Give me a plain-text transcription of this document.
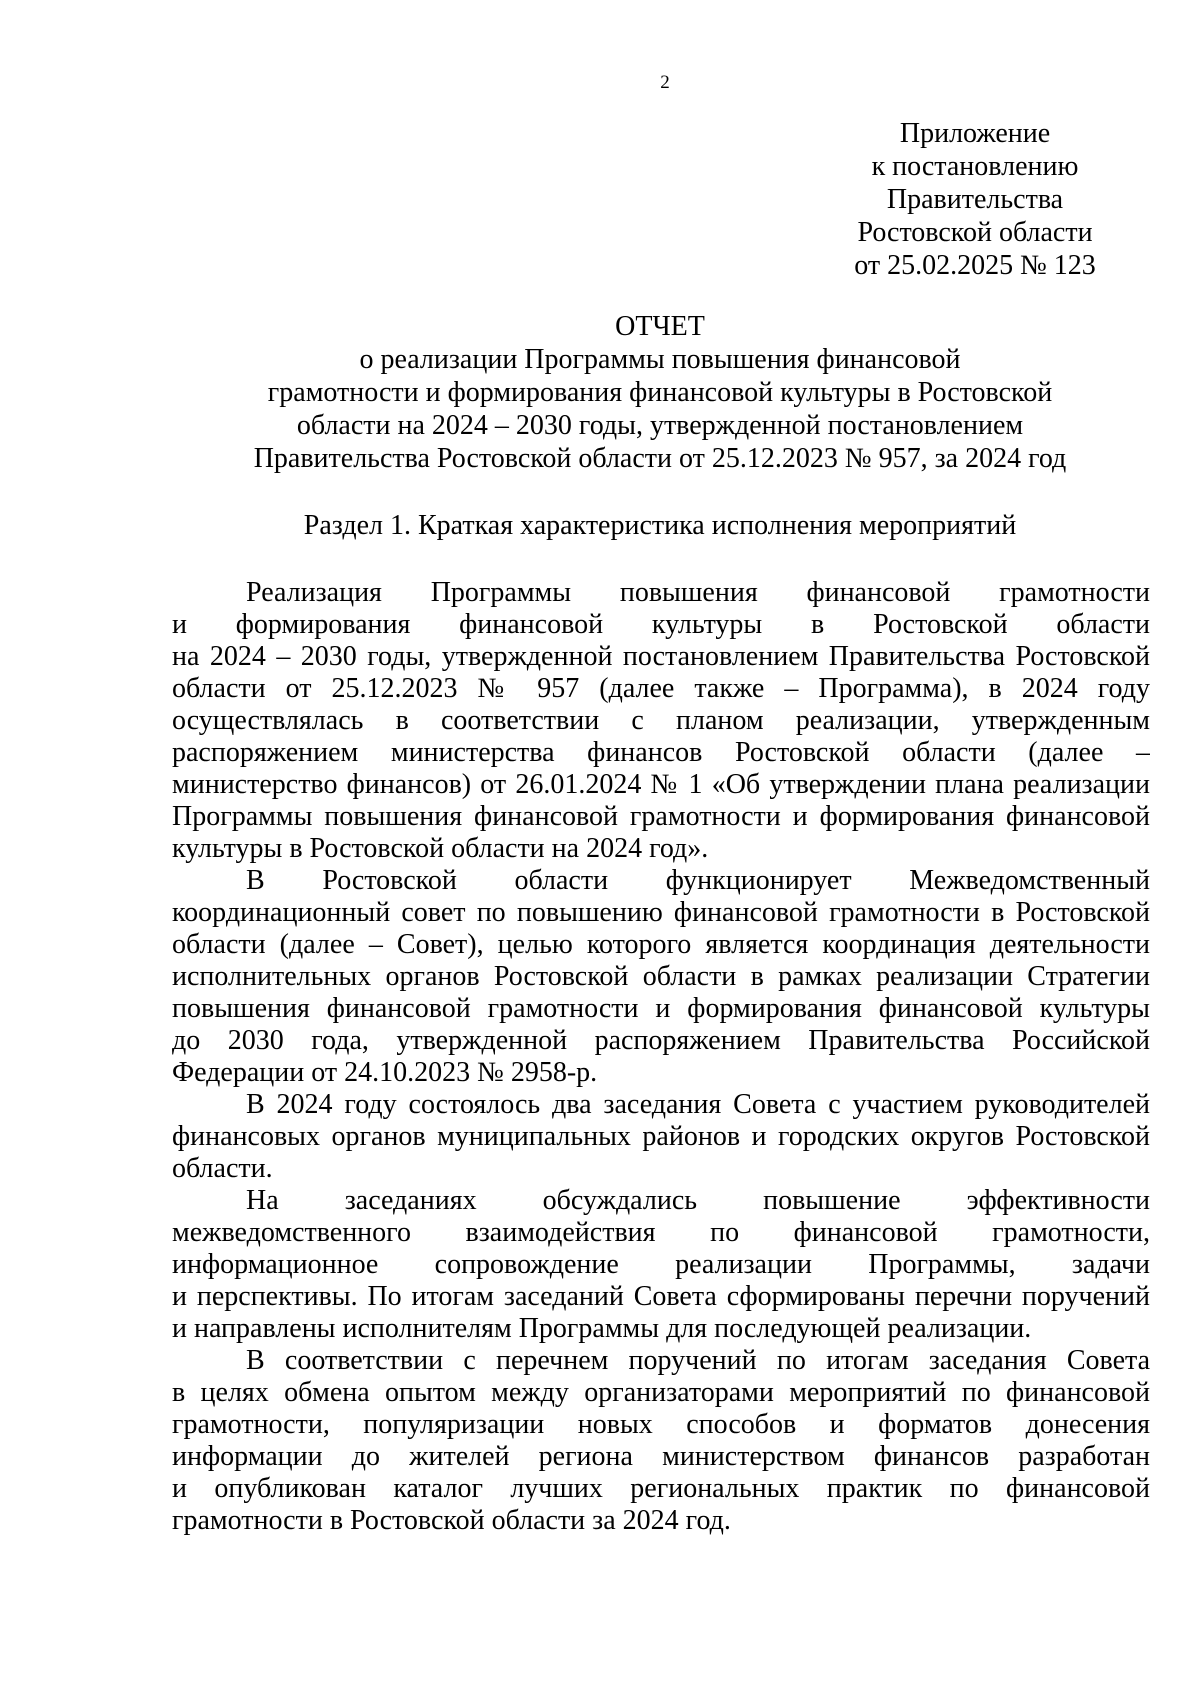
2
Приложение
к постановлению
Правительства
Ростовской области
от 25.02.2025 № 123
ОТЧЕТ
о реализации Программы повышения финансовой
грамотности и формирования финансовой культуры в Ростовской
области на 2024 – 2030 годы, утвержденной постановлением
Правительства Ростовской области от 25.12.2023 № 957, за 2024 год
Раздел 1. Краткая характеристика исполнения мероприятий
Реализация Программы повышения финансовой грамотности
и формирования финансовой культуры в Ростовской области
на 2024 – 2030 годы, утвержденной постановлением Правительства Ростовской
области от 25.12.2023 № 957 (далее также – Программа), в 2024 году
осуществлялась в соответствии с планом реализации, утвержденным
распоряжением министерства финансов Ростовской области (далее –
министерство финансов) от 26.01.2024 № 1 «Об утверждении плана реализации
Программы повышения финансовой грамотности и формирования финансовой
культуры в Ростовской области на 2024 год».
В Ростовской области функционирует Межведомственный
координационный совет по повышению финансовой грамотности в Ростовской
области (далее – Совет), целью которого является координация деятельности
исполнительных органов Ростовской области в рамках реализации Стратегии
повышения финансовой грамотности и формирования финансовой культуры
до 2030 года, утвержденной распоряжением Правительства Российской
Федерации от 24.10.2023 № 2958-р.
В 2024 году состоялось два заседания Совета с участием руководителей
финансовых органов муниципальных районов и городских округов Ростовской
области.
На заседаниях обсуждались повышение эффективности
межведомственного взаимодействия по финансовой грамотности,
информационное сопровождение реализации Программы, задачи
и перспективы. По итогам заседаний Совета сформированы перечни поручений
и направлены исполнителям Программы для последующей реализации.
В соответствии с перечнем поручений по итогам заседания Совета
в целях обмена опытом между организаторами мероприятий по финансовой
грамотности, популяризации новых способов и форматов донесения
информации до жителей региона министерством финансов разработан
и опубликован каталог лучших региональных практик по финансовой
грамотности в Ростовской области за 2024 год.
